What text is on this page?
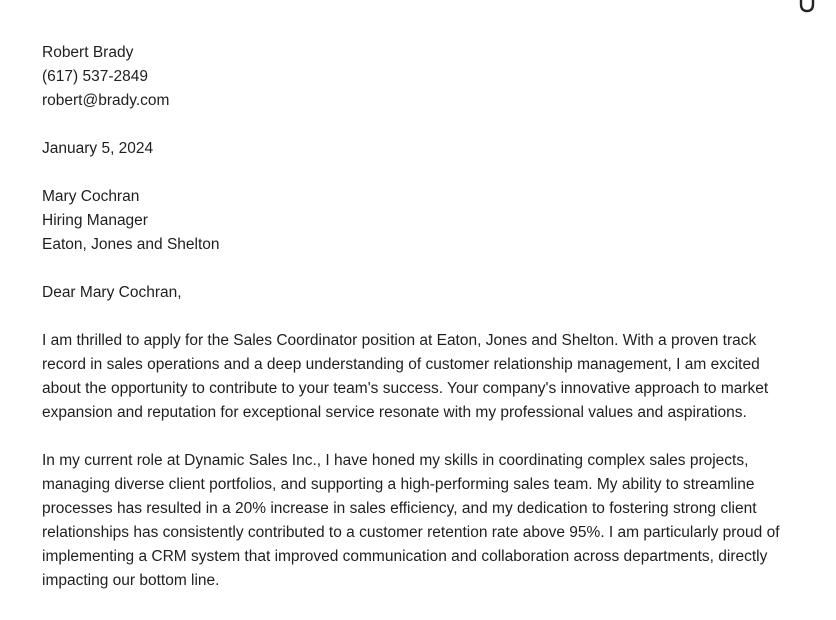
Robert Brady
(617) 537-2849
robert@brady.com
January 5, 2024
Mary Cochran
Hiring Manager
Eaton, Jones and Shelton
Dear Mary Cochran,

I am thrilled to apply for the Sales Coordinator position at Eaton, Jones and Shelton. With a proven track record in sales operations and a deep understanding of customer relationship management, I am excited about the opportunity to contribute to your team's success. Your company's innovative approach to market expansion and reputation for exceptional service resonate with my professional values and aspirations.

In my current role at Dynamic Sales Inc., I have honed my skills in coordinating complex sales projects, managing diverse client portfolios, and supporting a high-performing sales team. My ability to streamline processes has resulted in a 20% increase in sales efficiency, and my dedication to fostering strong client relationships has consistently contributed to a customer retention rate above 95%. I am particularly proud of implementing a CRM system that improved communication and collaboration across departments, directly impacting our bottom line.
